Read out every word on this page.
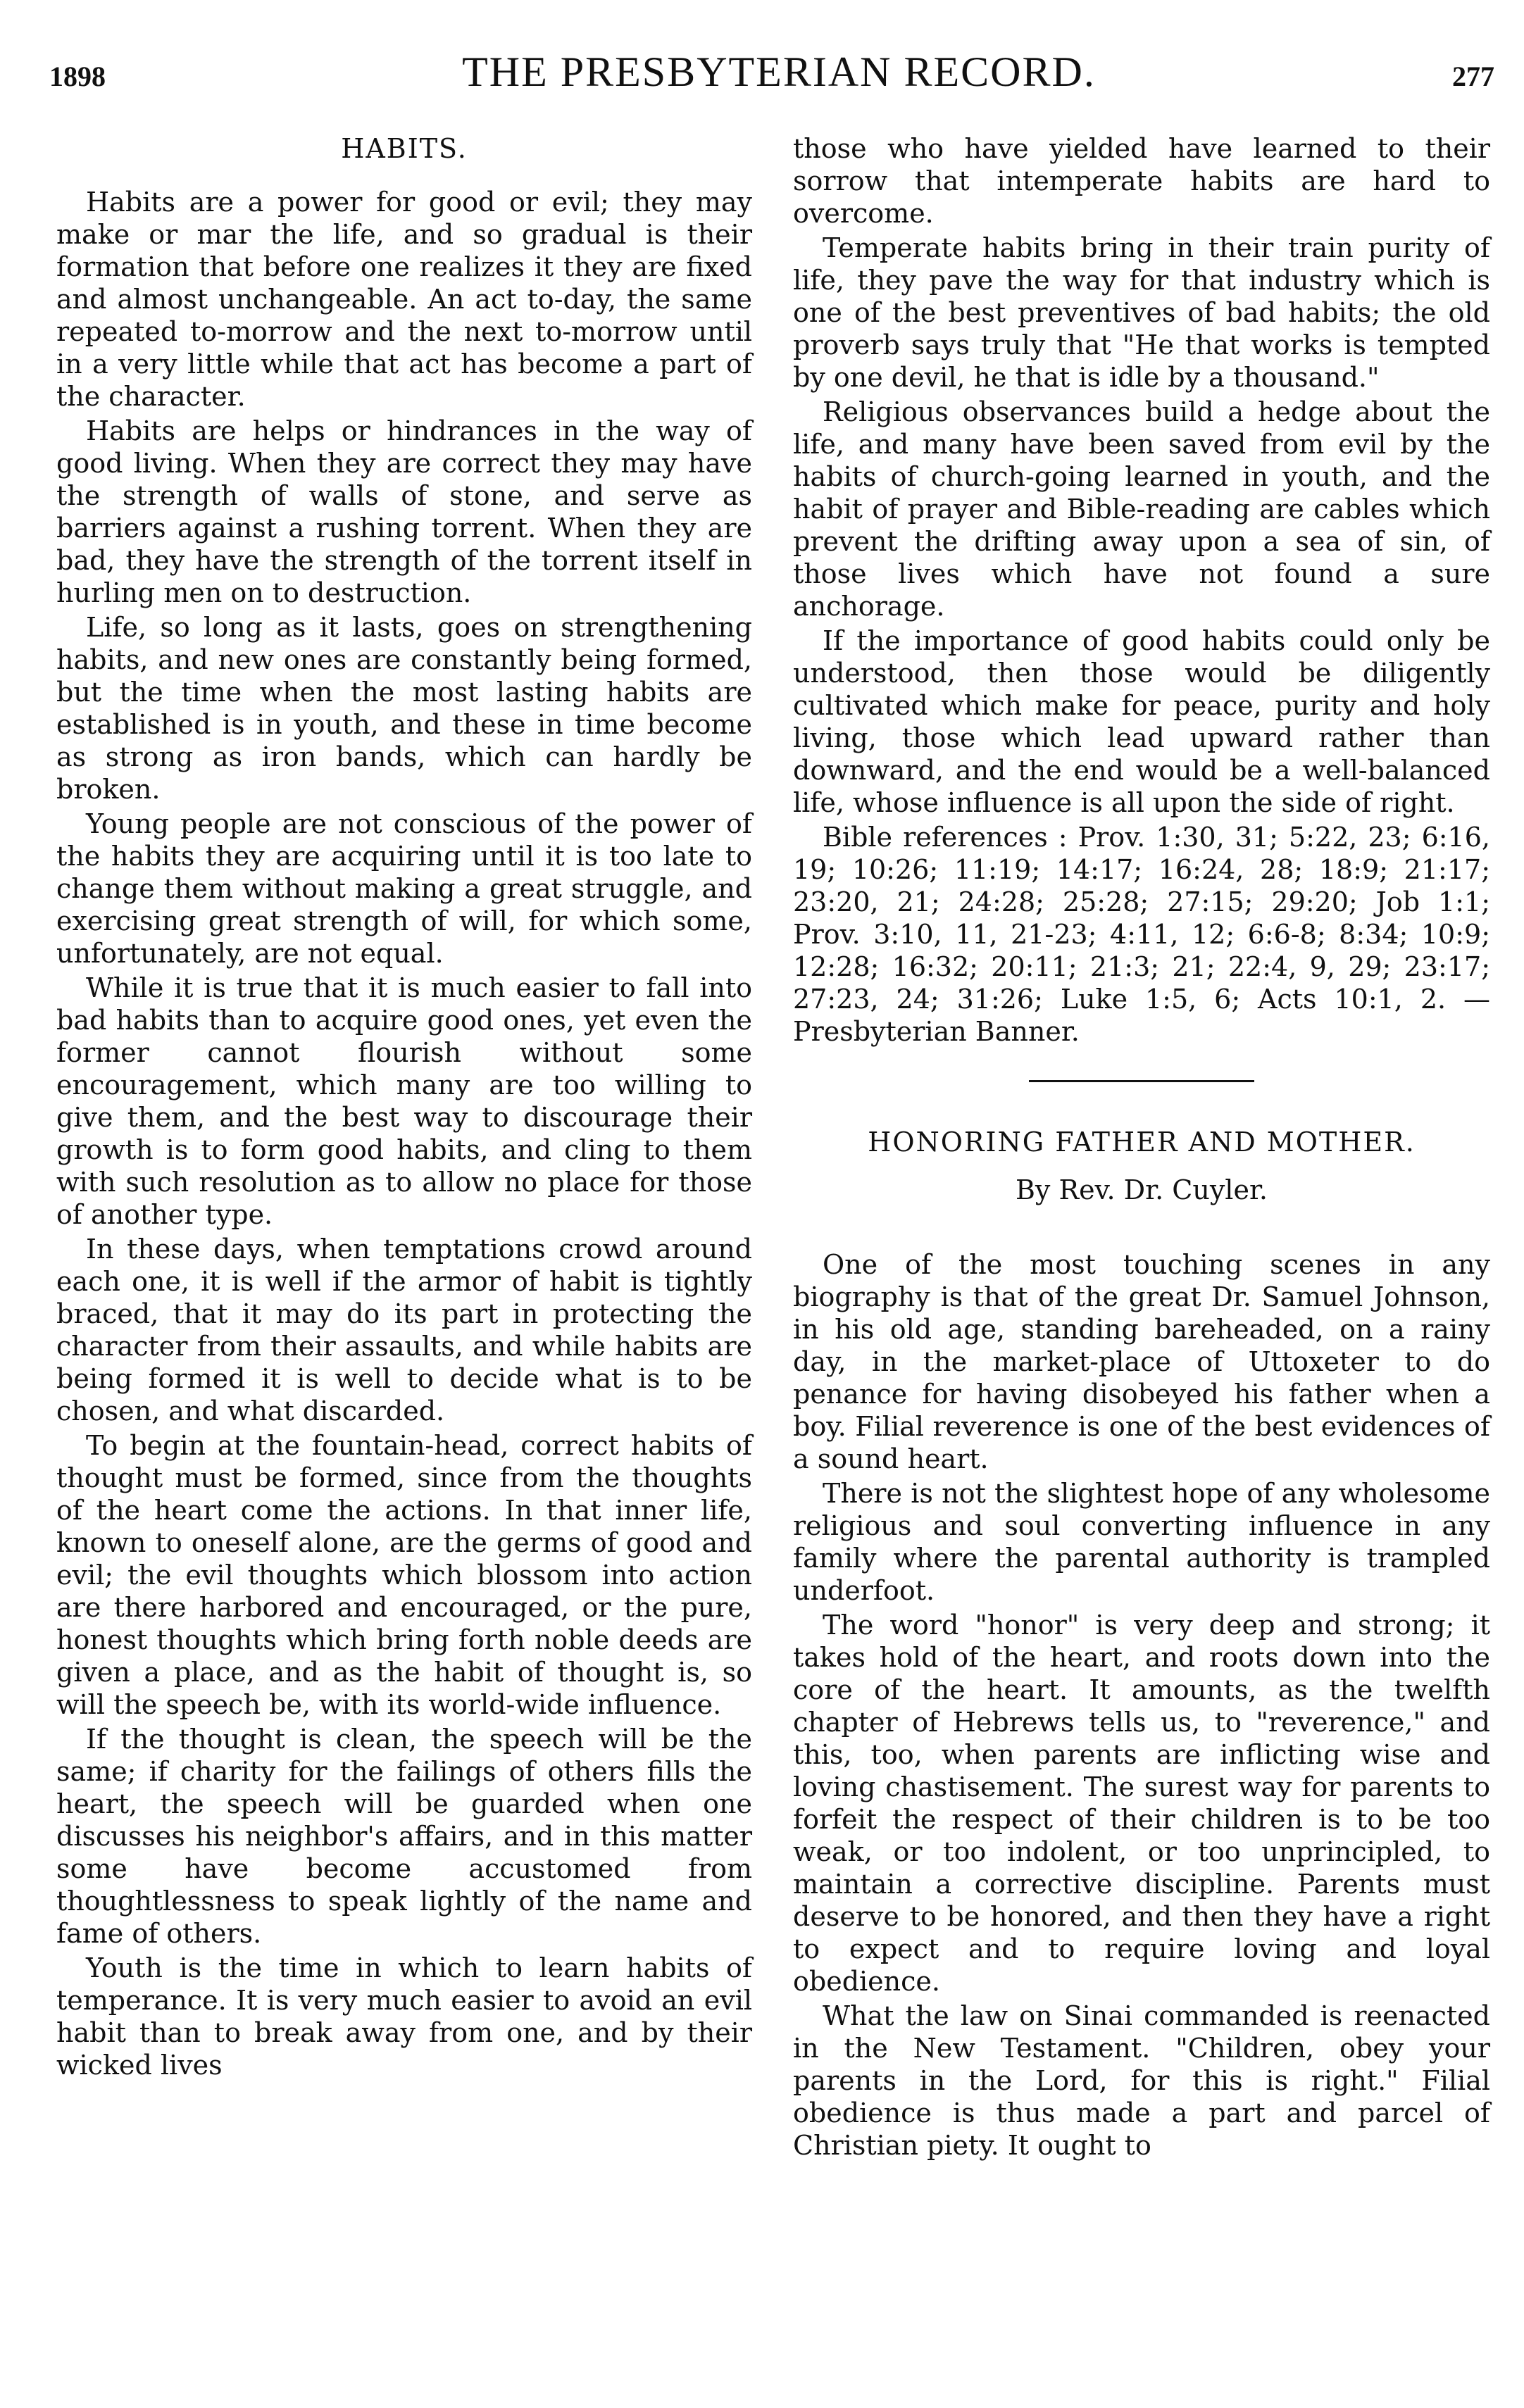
1898	THE PRESBYTERIAN RECORD.	277
HABITS.

Habits are a power for good or evil; they may make or mar the life, and so gradual is their formation that before one realizes it they are fixed and almost unchangeable. An act to-day, the same repeated to-morrow and the next to-morrow until in a very little while that act has become a part of the character.

Habits are helps or hindrances in the way of good living. When they are correct they may have the strength of walls of stone, and serve as barriers against a rushing torrent. When they are bad, they have the strength of the torrent itself in hurling men on to destruction.

Life, so long as it lasts, goes on strengthening habits, and new ones are constantly being formed, but the time when the most lasting habits are established is in youth, and these in time become as strong as iron bands, which can hardly be broken.

Young people are not conscious of the power of the habits they are acquiring until it is too late to change them without making a great struggle, and exercising great strength of will, for which some, unfortunately, are not equal.

While it is true that it is much easier to fall into bad habits than to acquire good ones, yet even the former cannot flourish without some encouragement, which many are too willing to give them, and the best way to discourage their growth is to form good habits, and cling to them with such resolution as to allow no place for those of another type.

In these days, when temptations crowd around each one, it is well if the armor of habit is tightly braced, that it may do its part in protecting the character from their assaults, and while habits are being formed it is well to decide what is to be chosen, and what discarded.

To begin at the fountain-head, correct habits of thought must be formed, since from the thoughts of the heart come the actions. In that inner life, known to oneself alone, are the germs of good and evil; the evil thoughts which blossom into action are there harbored and encouraged, or the pure, honest thoughts which bring forth noble deeds are given a place, and as the habit of thought is, so will the speech be, with its world-wide influence.

If the thought is clean, the speech will be the same; if charity for the failings of others fills the heart, the speech will be guarded when one discusses his neighbor's affairs, and in this matter some have become accustomed from thoughtlessness to speak lightly of the name and fame of others.

Youth is the time in which to learn habits of temperance. It is very much easier to avoid an evil habit than to break away from one, and by their wicked lives

those who have yielded have learned to their sorrow that intemperate habits are hard to overcome.

Temperate habits bring in their train purity of life, they pave the way for that industry which is one of the best preventives of bad habits; the old proverb says truly that "He that works is tempted by one devil, he that is idle by a thousand."

Religious observances build a hedge about the life, and many have been saved from evil by the habits of church-going learned in youth, and the habit of prayer and Bible-reading are cables which prevent the drifting away upon a sea of sin, of those lives which have not found a sure anchorage.

If the importance of good habits could only be understood, then those would be diligently cultivated which make for peace, purity and holy living, those which lead upward rather than downward, and the end would be a well-balanced life, whose influence is all upon the side of right.

Bible references : Prov. 1:30, 31; 5:22, 23; 6:16, 19; 10:26; 11:19; 14:17; 16:24, 28; 18:9; 21:17; 23:20, 21; 24:28; 25:28; 27:15; 29:20; Job 1:1; Prov. 3:10, 11, 21-23; 4:11, 12; 6:6-8; 8:34; 10:9; 12:28; 16:32; 20:11; 21:3; 21; 22:4, 9, 29; 23:17; 27:23, 24; 31:26; Luke 1:5, 6; Acts 10:1, 2. —Presbyterian Banner.

HONORING FATHER AND MOTHER.
By Rev. Dr. Cuyler.

One of the most touching scenes in any biography is that of the great Dr. Samuel Johnson, in his old age, standing bareheaded, on a rainy day, in the market-place of Uttoxeter to do penance for having disobeyed his father when a boy. Filial reverence is one of the best evidences of a sound heart.

There is not the slightest hope of any wholesome religious and soul converting influence in any family where the parental authority is trampled underfoot.

The word "honor" is very deep and strong; it takes hold of the heart, and roots down into the core of the heart. It amounts, as the twelfth chapter of Hebrews tells us, to "reverence," and this, too, when parents are inflicting wise and loving chastisement. The surest way for parents to forfeit the respect of their children is to be too weak, or too indolent, or too unprincipled, to maintain a corrective discipline. Parents must deserve to be honored, and then they have a right to expect and to require loving and loyal obedience.

What the law on Sinai commanded is reenacted in the New Testament. "Children, obey your parents in the Lord, for this is right." Filial obedience is thus made a part and parcel of Christian piety. It ought to
